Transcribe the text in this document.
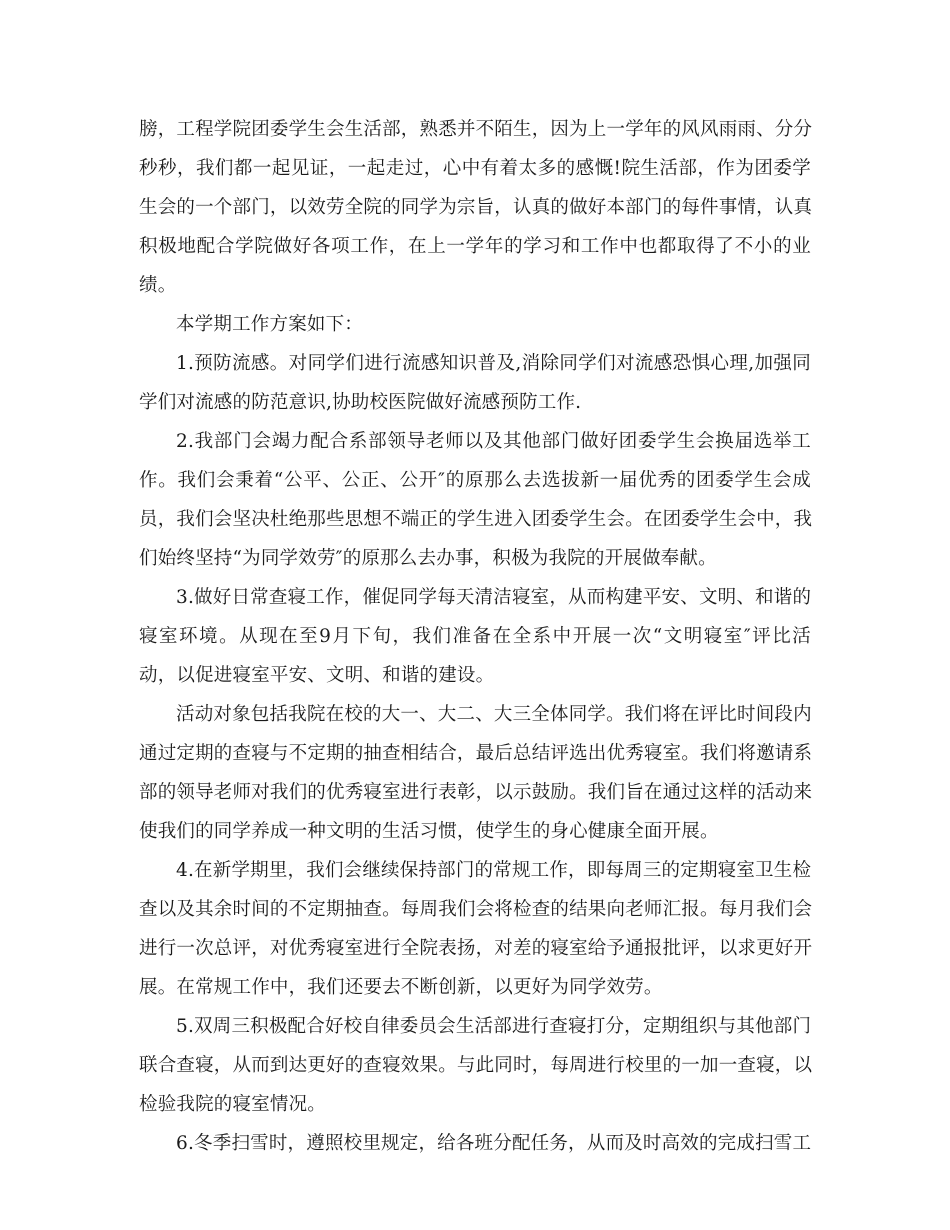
膀，工程学院团委学生会生活部，熟悉并不陌生，因为上一学年的风风雨雨、分分
秒秒，我们都一起见证，一起走过，心中有着太多的感慨!院生活部，作为团委学
生会的一个部门，以效劳全院的同学为宗旨，认真的做好本部门的每件事情，认真
积极地配合学院做好各项工作，在上一学年的学习和工作中也都取得了不小的业
绩。
本学期工作方案如下：
1.预防流感。对同学们进行流感知识普及,消除同学们对流感恐惧心理,加强同
学们对流感的防范意识,协助校医院做好流感预防工作.
2.我部门会竭力配合系部领导老师以及其他部门做好团委学生会换届选举工
作。我们会秉着“公平、公正、公开″的原那么去选拔新一届优秀的团委学生会成
员，我们会坚决杜绝那些思想不端正的学生进入团委学生会。在团委学生会中，我
们始终坚持“为同学效劳″的原那么去办事，积极为我院的开展做奉献。
3.做好日常查寝工作，催促同学每天清洁寝室，从而构建平安、文明、和谐的
寝室环境。从现在至9月下旬，我们准备在全系中开展一次“文明寝室″评比活
动，以促进寝室平安、文明、和谐的建设。
活动对象包括我院在校的大一、大二、大三全体同学。我们将在评比时间段内
通过定期的查寝与不定期的抽查相结合，最后总结评选出优秀寝室。我们将邀请系
部的领导老师对我们的优秀寝室进行表彰，以示鼓励。我们旨在通过这样的活动来
使我们的同学养成一种文明的生活习惯，使学生的身心健康全面开展。
4.在新学期里，我们会继续保持部门的常规工作，即每周三的定期寝室卫生检
查以及其余时间的不定期抽查。每周我们会将检查的结果向老师汇报。每月我们会
进行一次总评，对优秀寝室进行全院表扬，对差的寝室给予通报批评，以求更好开
展。在常规工作中，我们还要去不断创新，以更好为同学效劳。
5.双周三积极配合好校自律委员会生活部进行查寝打分，定期组织与其他部门
联合查寝，从而到达更好的查寝效果。与此同时，每周进行校里的一加一查寝，以
检验我院的寝室情况。
6.冬季扫雪时，遵照校里规定，给各班分配任务，从而及时高效的完成扫雪工
